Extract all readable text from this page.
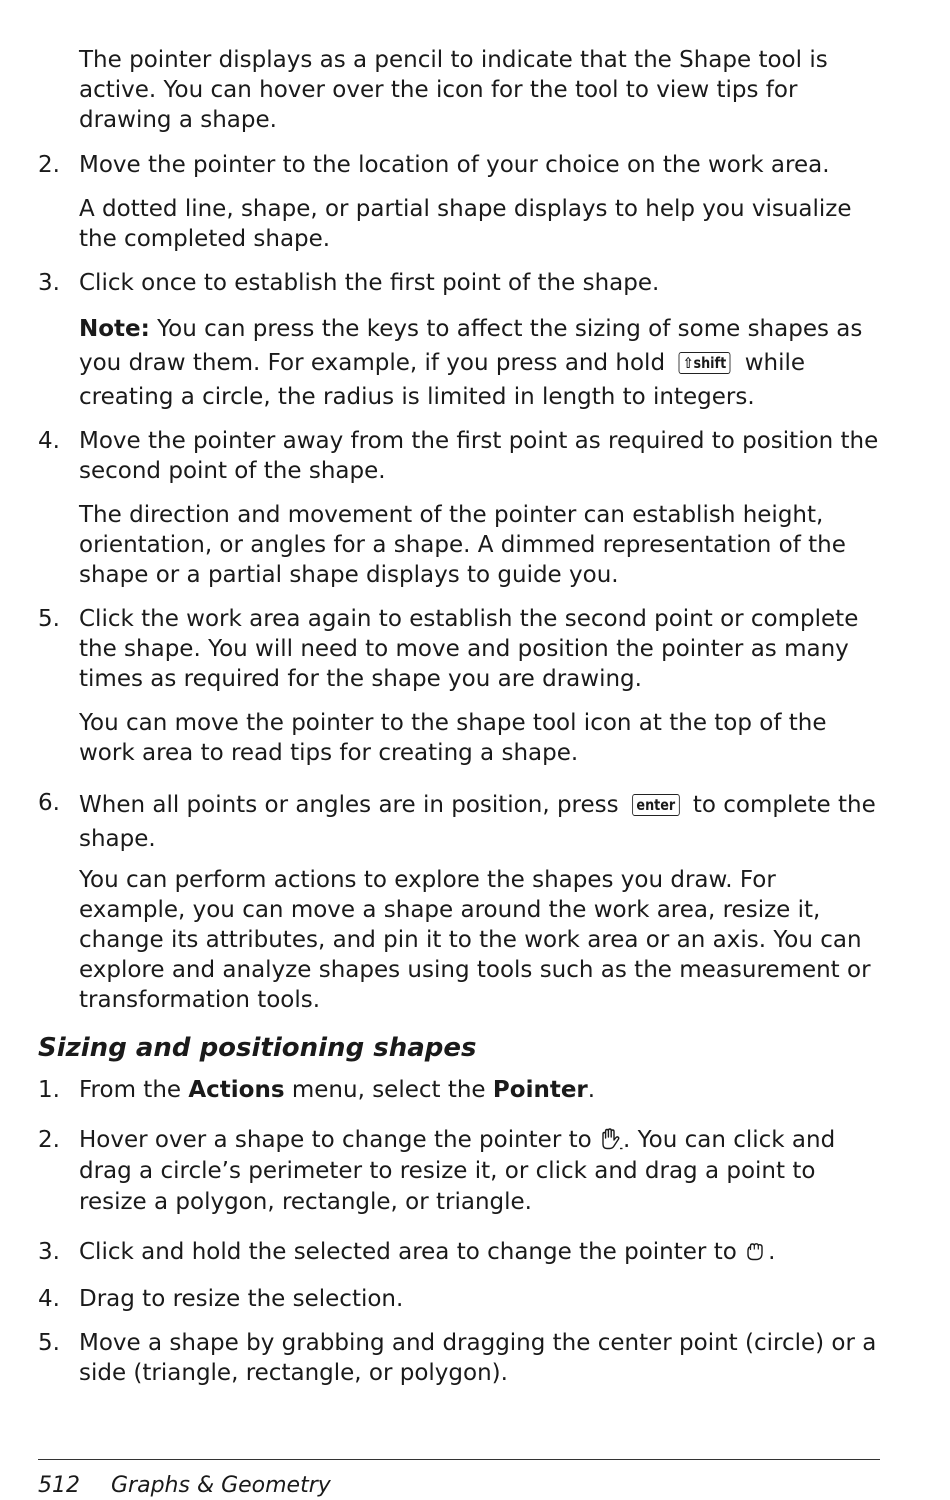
The pointer displays as a pencil to indicate that the Shape tool is active. You can hover over the icon for the tool to view tips for drawing a shape.
2. Move the pointer to the location of your choice on the work area.
A dotted line, shape, or partial shape displays to help you visualize the completed shape.
3. Click once to establish the first point of the shape.
Note: You can press the keys to affect the sizing of some shapes as you draw them. For example, if you press and hold ⇧shift while creating a circle, the radius is limited in length to integers.
4. Move the pointer away from the first point as required to position the second point of the shape.
The direction and movement of the pointer can establish height, orientation, or angles for a shape. A dimmed representation of the shape or a partial shape displays to guide you.
5. Click the work area again to establish the second point or complete the shape. You will need to move and position the pointer as many times as required for the shape you are drawing.
You can move the pointer to the shape tool icon at the top of the work area to read tips for creating a shape.
6. When all points or angles are in position, press enter to complete the shape.
You can perform actions to explore the shapes you draw. For example, you can move a shape around the work area, resize it, change its attributes, and pin it to the work area or an axis. You can explore and analyze shapes using tools such as the measurement or transformation tools.
Sizing and positioning shapes
1. From the Actions menu, select the Pointer.
2. Hover over a shape to change the pointer to . You can click and drag a circle’s perimeter to resize it, or click and drag a point to resize a polygon, rectangle, or triangle.
3. Click and hold the selected area to change the pointer to .
4. Drag to resize the selection.
5. Move a shape by grabbing and dragging the center point (circle) or a side (triangle, rectangle, or polygon).
512 Graphs & Geometry
